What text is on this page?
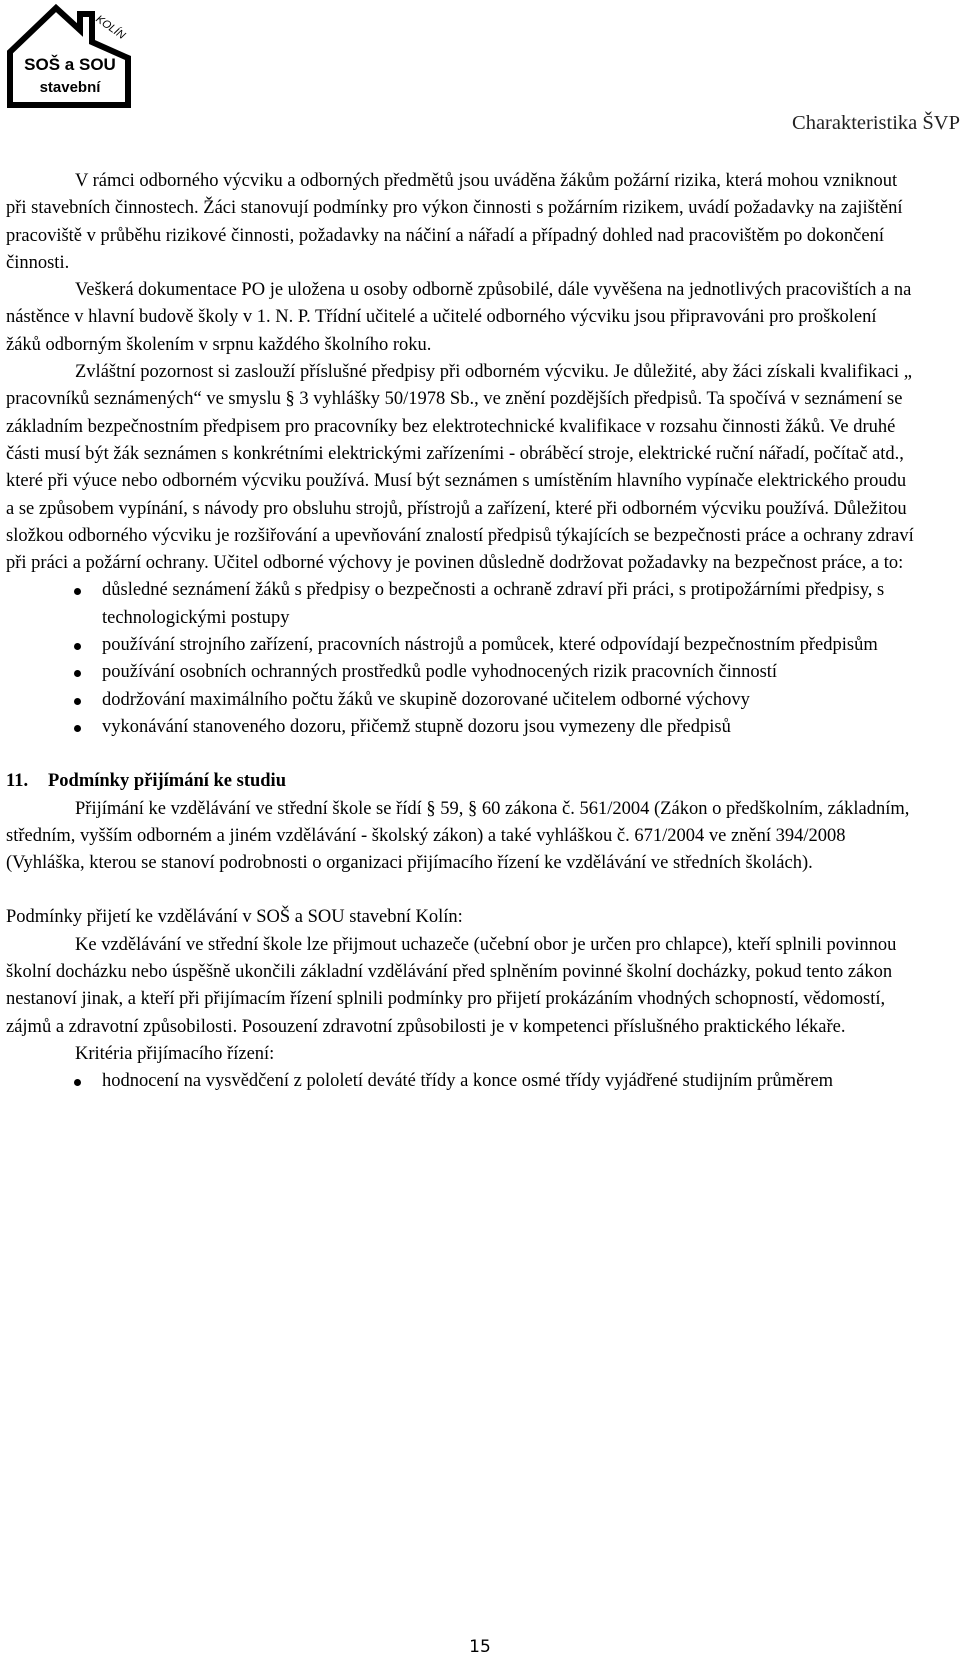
SOŠ a SOU
stavební
KOLÍN
Charakteristika ŠVP

V rámci odborného výcviku a odborných předmětů jsou uváděna žákům požární rizika, která mohou vzniknout při stavebních činnostech. Žáci stanovují podmínky pro výkon činnosti s požárním rizikem, uvádí požadavky na zajištění pracoviště v průběhu rizikové činnosti, požadavky na náčiní a nářadí a případný dohled nad pracovištěm po dokončení činnosti.

Veškerá dokumentace PO je uložena u osoby odborně způsobilé, dále vyvěšena na jednotlivých pracovištích a na nástěnce v hlavní budově školy v 1. N. P. Třídní učitelé a učitelé odborného výcviku jsou připravováni pro proškolení žáků odborným školením v srpnu každého školního roku.

Zvláštní pozornost si zaslouží příslušné předpisy při odborném výcviku. Je důležité, aby žáci získali kvalifikaci „ pracovníků seznámených“ ve smyslu § 3 vyhlášky 50/1978 Sb., ve znění pozdějších předpisů. Ta spočívá v seznámení se základním bezpečnostním předpisem pro pracovníky bez elektrotechnické kvalifikace v rozsahu činnosti žáků. Ve druhé části musí být žák seznámen s konkrétními elektrickými zařízeními - obráběcí stroje, elektrické ruční nářadí, počítač atd., které při výuce nebo odborném výcviku používá. Musí být seznámen s umístěním hlavního vypínače elektrického proudu a se způsobem vypínání, s návody pro obsluhu strojů, přístrojů a zařízení, které při odborném výcviku používá. Důležitou složkou odborného výcviku je rozšiřování a upevňování znalostí předpisů týkajících se bezpečnosti práce a ochrany zdraví při práci a požární ochrany. Učitel odborné výchovy je povinen důsledně dodržovat požadavky na bezpečnost práce, a to:

důsledné seznámení žáků s předpisy o bezpečnosti a ochraně zdraví při práci, s protipožárními předpisy, s technologickými postupy
používání strojního zařízení, pracovních nástrojů a pomůcek, které odpovídají bezpečnostním předpisům
používání osobních ochranných prostředků podle vyhodnocených rizik pracovních činností
dodržování maximálního počtu žáků ve skupině dozorované učitelem odborné výchovy
vykonávání stanoveného dozoru, přičemž stupně dozoru jsou vymezeny dle předpisů
11. Podmínky přijímání ke studiu

Přijímání ke vzdělávání ve střední škole se řídí § 59, § 60 zákona č. 561/2004 (Zákon o předškolním, základním, středním, vyšším odborném a jiném vzdělávání - školský zákon) a také vyhláškou č. 671/2004 ve znění 394/2008 (Vyhláška, kterou se stanoví podrobnosti o organizaci přijímacího řízení ke vzdělávání ve středních školách).

Podmínky přijetí ke vzdělávání v SOŠ a SOU stavební Kolín:

Ke vzdělávání ve střední škole lze přijmout uchazeče (učební obor je určen pro chlapce), kteří splnili povinnou školní docházku nebo úspěšně ukončili základní vzdělávání před splněním povinné školní docházky, pokud tento zákon nestanoví jinak, a kteří při přijímacím řízení splnili podmínky pro přijetí prokázáním vhodných schopností, vědomostí, zájmů a zdravotní způsobilosti. Posouzení zdravotní způsobilosti je v kompetenci příslušného praktického lékaře.

Kritéria přijímacího řízení:

hodnocení na vysvědčení z pololetí deváté třídy a konce osmé třídy vyjádřené studijním průměrem
15
